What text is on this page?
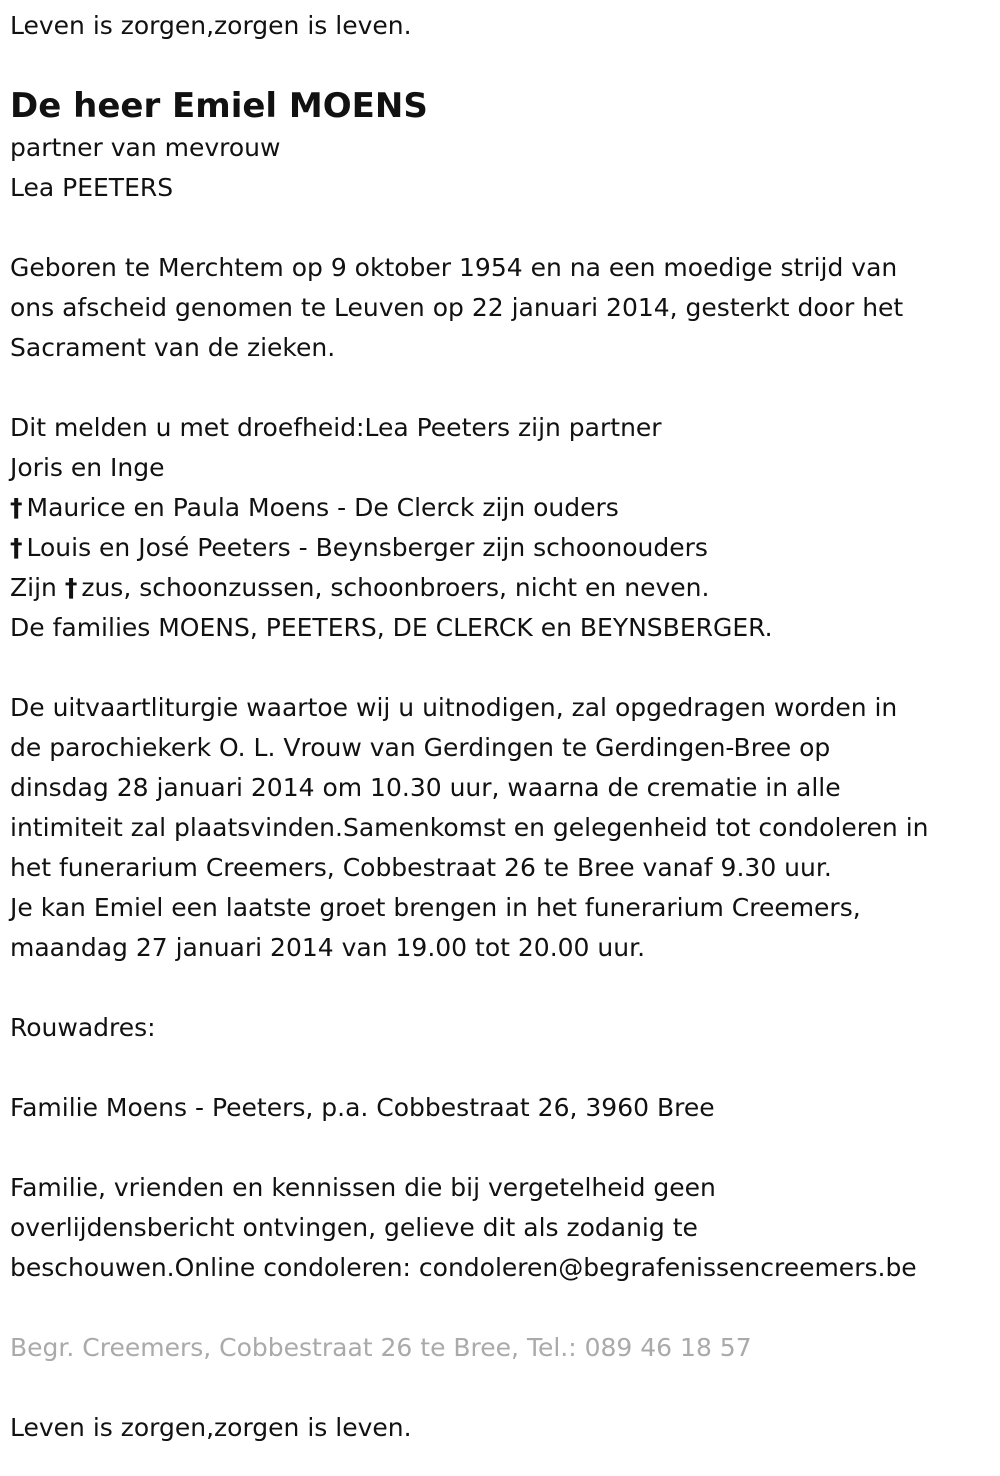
Leven is zorgen,zorgen is leven.
De heer Emiel MOENS
partner van mevrouw
Lea PEETERS
Geboren te Merchtem op 9 oktober 1954 en na een moedige strijd van
ons afscheid genomen te Leuven op 22 januari 2014, gesterkt door het
Sacrament van de zieken.
Dit melden u met droefheid:Lea Peeters zijn partner
Joris en Inge
† Maurice en Paula Moens - De Clerck zijn ouders
† Louis en José Peeters - Beynsberger zijn schoonouders
Zijn † zus, schoonzussen, schoonbroers, nicht en neven.
De families MOENS, PEETERS, DE CLERCK en BEYNSBERGER.
De uitvaartliturgie waartoe wij u uitnodigen, zal opgedragen worden in
de parochiekerk O. L. Vrouw van Gerdingen te Gerdingen-Bree op
dinsdag 28 januari 2014 om 10.30 uur, waarna de crematie in alle
intimiteit zal plaatsvinden.Samenkomst en gelegenheid tot condoleren in
het funerarium Creemers, Cobbestraat 26 te Bree vanaf 9.30 uur.
Je kan Emiel een laatste groet brengen in het funerarium Creemers,
maandag 27 januari 2014 van 19.00 tot 20.00 uur.
Rouwadres:
Familie Moens - Peeters, p.a. Cobbestraat 26, 3960 Bree
Familie, vrienden en kennissen die bij vergetelheid geen
overlijdensbericht ontvingen, gelieve dit als zodanig te
beschouwen.Online condoleren: condoleren@begrafenissencreemers.be
Begr. Creemers, Cobbestraat 26 te Bree, Tel.: 089 46 18 57
Leven is zorgen,zorgen is leven.
